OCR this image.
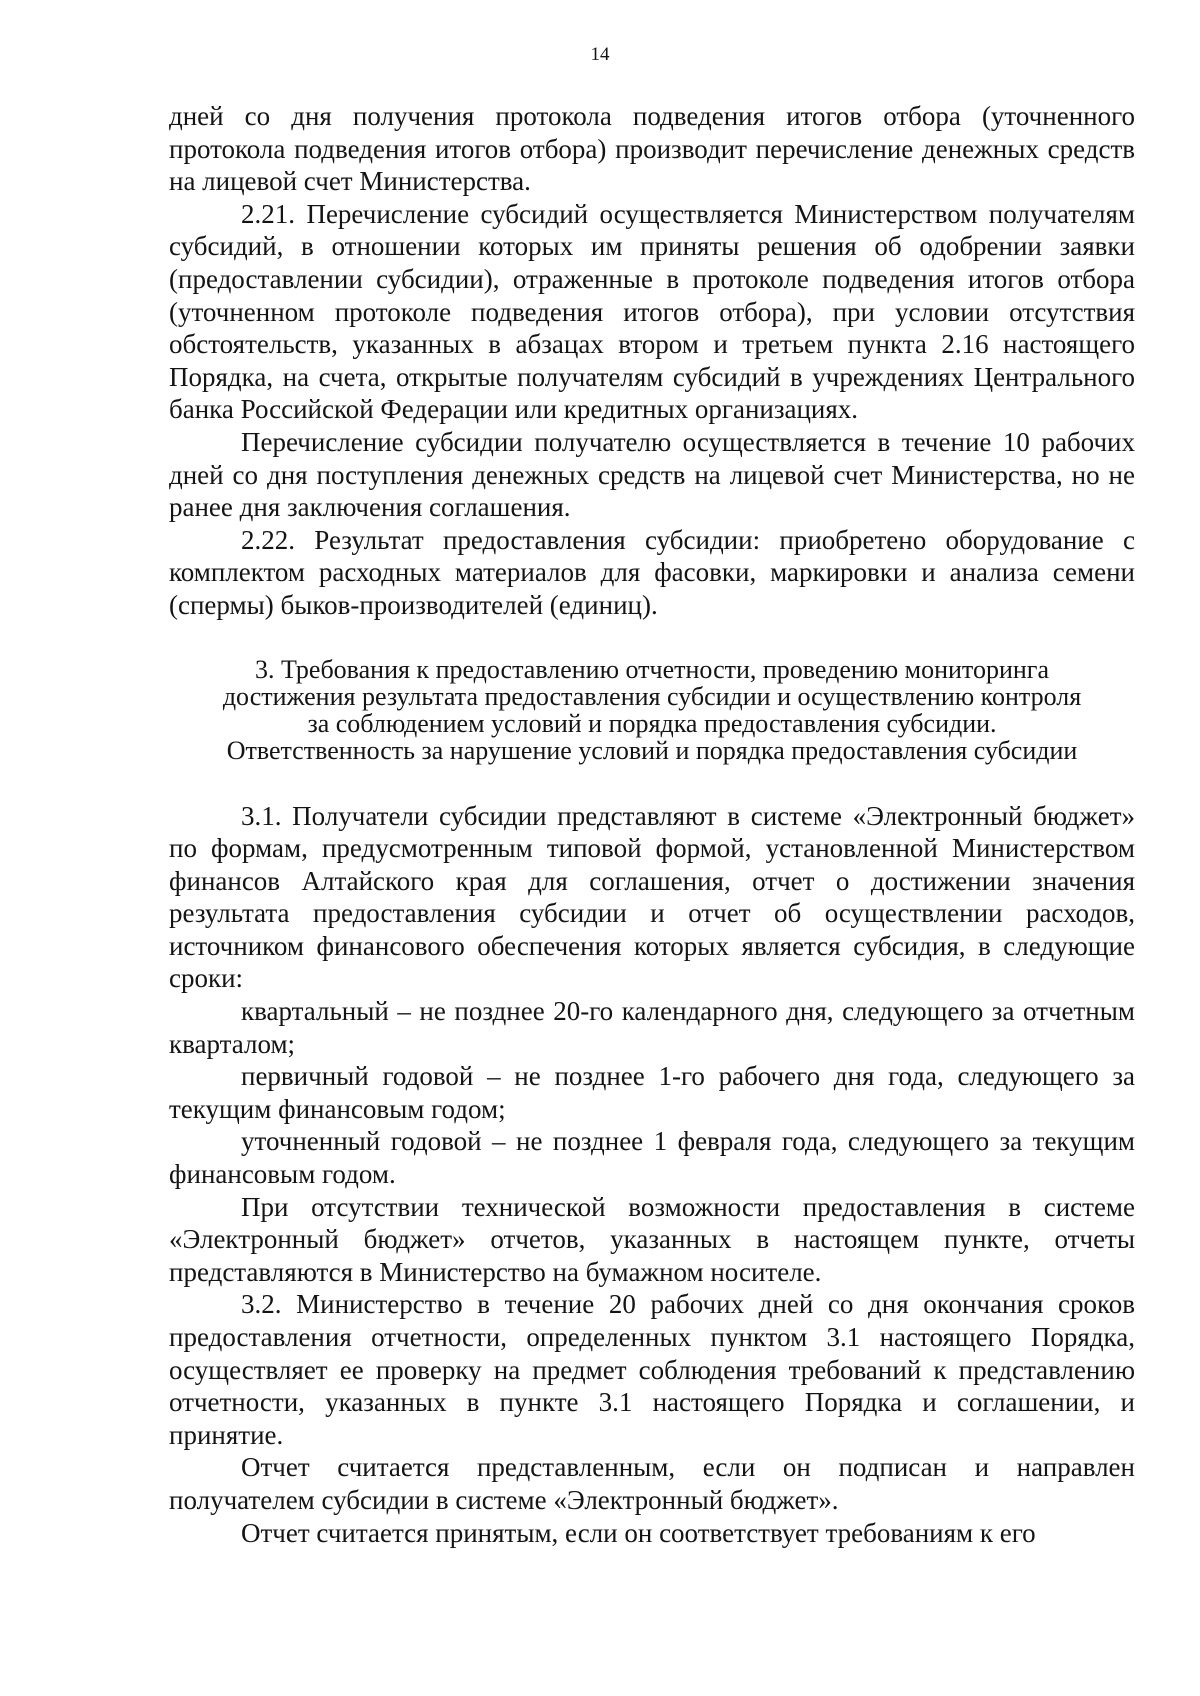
14

дней со дня получения протокола подведения итогов отбора (уточненного протокола подведения итогов отбора) производит перечисление денежных средств на лицевой счет Министерства.

2.21. Перечисление субсидий осуществляется Министерством получателям субсидий, в отношении которых им приняты решения об одобрении заявки (предоставлении субсидии), отраженные в протоколе подведения итогов отбора (уточненном протоколе подведения итогов отбора), при условии отсутствия обстоятельств, указанных в абзацах втором и третьем пункта 2.16 настоящего Порядка, на счета, открытые получателям субсидий в учреждениях Центрального банка Российской Федерации или кредитных организациях.

Перечисление субсидии получателю осуществляется в течение 10 рабочих дней со дня поступления денежных средств на лицевой счет Министерства, но не ранее дня заключения соглашения.

2.22. Результат предоставления субсидии: приобретено оборудование с комплектом расходных материалов для фасовки, маркировки и анализа семени (спермы) быков-производителей (единиц).

3. Требования к предоставлению отчетности, проведению мониторинга
достижения результата предоставления субсидии и осуществлению контроля
за соблюдением условий и порядка предоставления субсидии.
Ответственность за нарушение условий и порядка предоставления субсидии

3.1. Получатели субсидии представляют в системе «Электронный бюджет» по формам, предусмотренным типовой формой, установленной Министерством финансов Алтайского края для соглашения, отчет о достижении значения результата предоставления субсидии и отчет об осуществлении расходов, источником финансового обеспечения которых является субсидия, в следующие сроки:

квартальный – не позднее 20-го календарного дня, следующего за отчетным кварталом;

первичный годовой – не позднее 1-го рабочего дня года, следующего за текущим финансовым годом;

уточненный годовой – не позднее 1 февраля года, следующего за текущим финансовым годом.

При отсутствии технической возможности предоставления в системе «Электронный бюджет» отчетов, указанных в настоящем пункте, отчеты представляются в Министерство на бумажном носителе.

3.2. Министерство в течение 20 рабочих дней со дня окончания сроков предоставления отчетности, определенных пунктом 3.1 настоящего Порядка, осуществляет ее проверку на предмет соблюдения требований к представлению отчетности, указанных в пункте 3.1 настоящего Порядка и соглашении, и принятие.

Отчет считается представленным, если он подписан и направлен получателем субсидии в системе «Электронный бюджет».

Отчет считается принятым, если он соответствует требованиям к его
